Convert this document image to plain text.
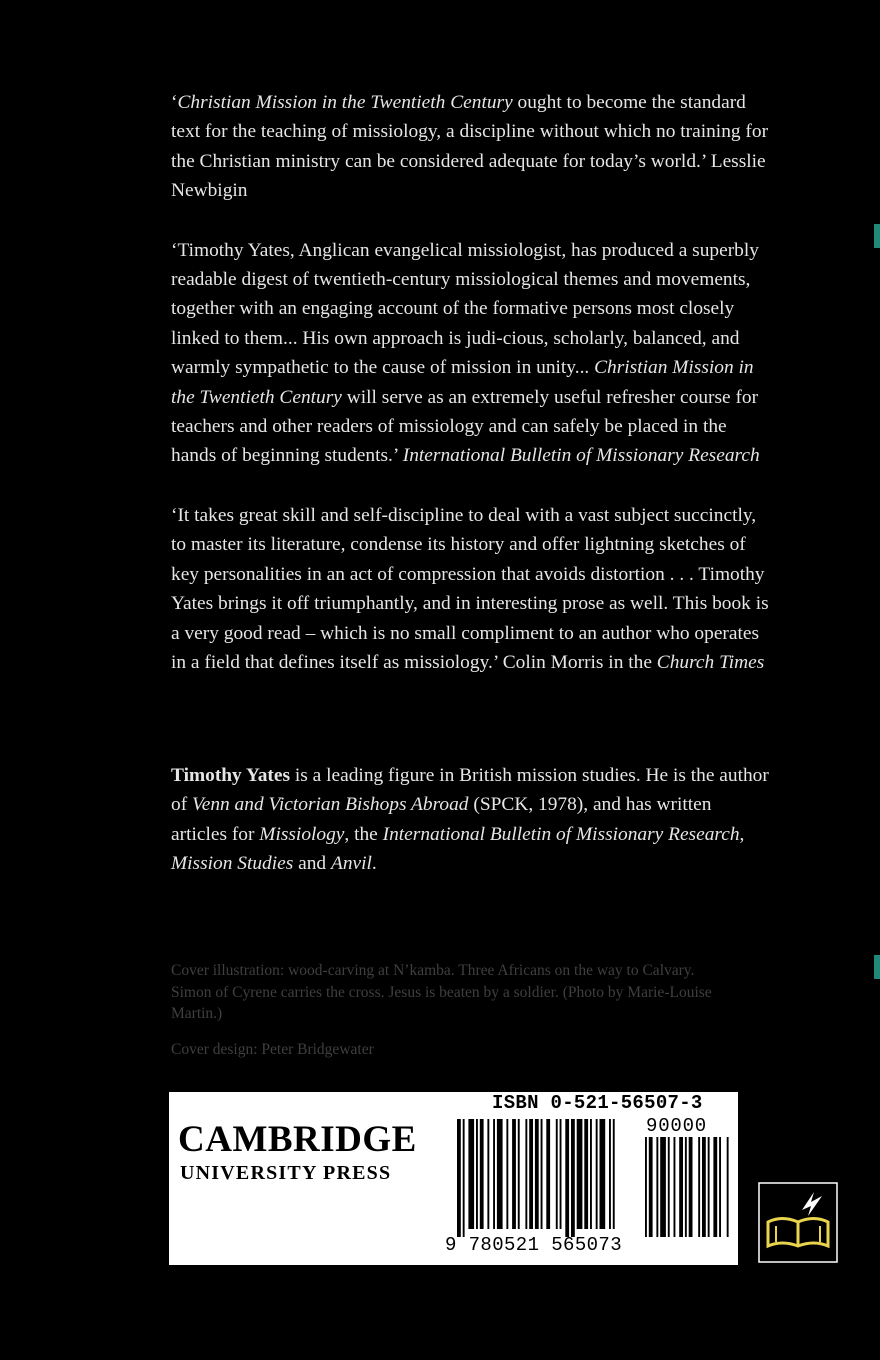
‘Christian Mission in the Twentieth Century ought to become the standard text for the teaching of missiology, a discipline without which no training for the Christian ministry can be considered adequate for today’s world.’ Lesslie Newbigin

‘Timothy Yates, Anglican evangelical missiologist, has produced a superbly readable digest of twentieth-century missiological themes and movements, together with an engaging account of the formative persons most closely linked to them... His own approach is judi-cious, scholarly, balanced, and warmly sympathetic to the cause of mission in unity... Christian Mission in the Twentieth Century will serve as an extremely useful refresher course for teachers and other readers of missiology and can safely be placed in the hands of beginning students.’ International Bulletin of Missionary Research

‘It takes great skill and self-discipline to deal with a vast subject succinctly, to master its literature, condense its history and offer lightning sketches of key personalities in an act of compression that avoids distortion . . . Timothy Yates brings it off triumphantly, and in interesting prose as well. This book is a very good read – which is no small compliment to an author who operates in a field that defines itself as missiology.’ Colin Morris in the Church Times

Timothy Yates is a leading figure in British mission studies. He is the author of Venn and Victorian Bishops Abroad (SPCK, 1978), and has written articles for Missiology, the International Bulletin of Missionary Research, Mission Studies and Anvil.

Cover illustration: wood-carving at N’kamba. Three Africans on the way to Calvary. Simon of Cyrene carries the cross. Jesus is beaten by a soldier. (Photo by Marie-Louise Martin.)

Cover design: Peter Bridgewater

CAMBRIDGE
UNIVERSITY PRESS
ISBN 0-521-56507-3
9 780521 565073
90000
